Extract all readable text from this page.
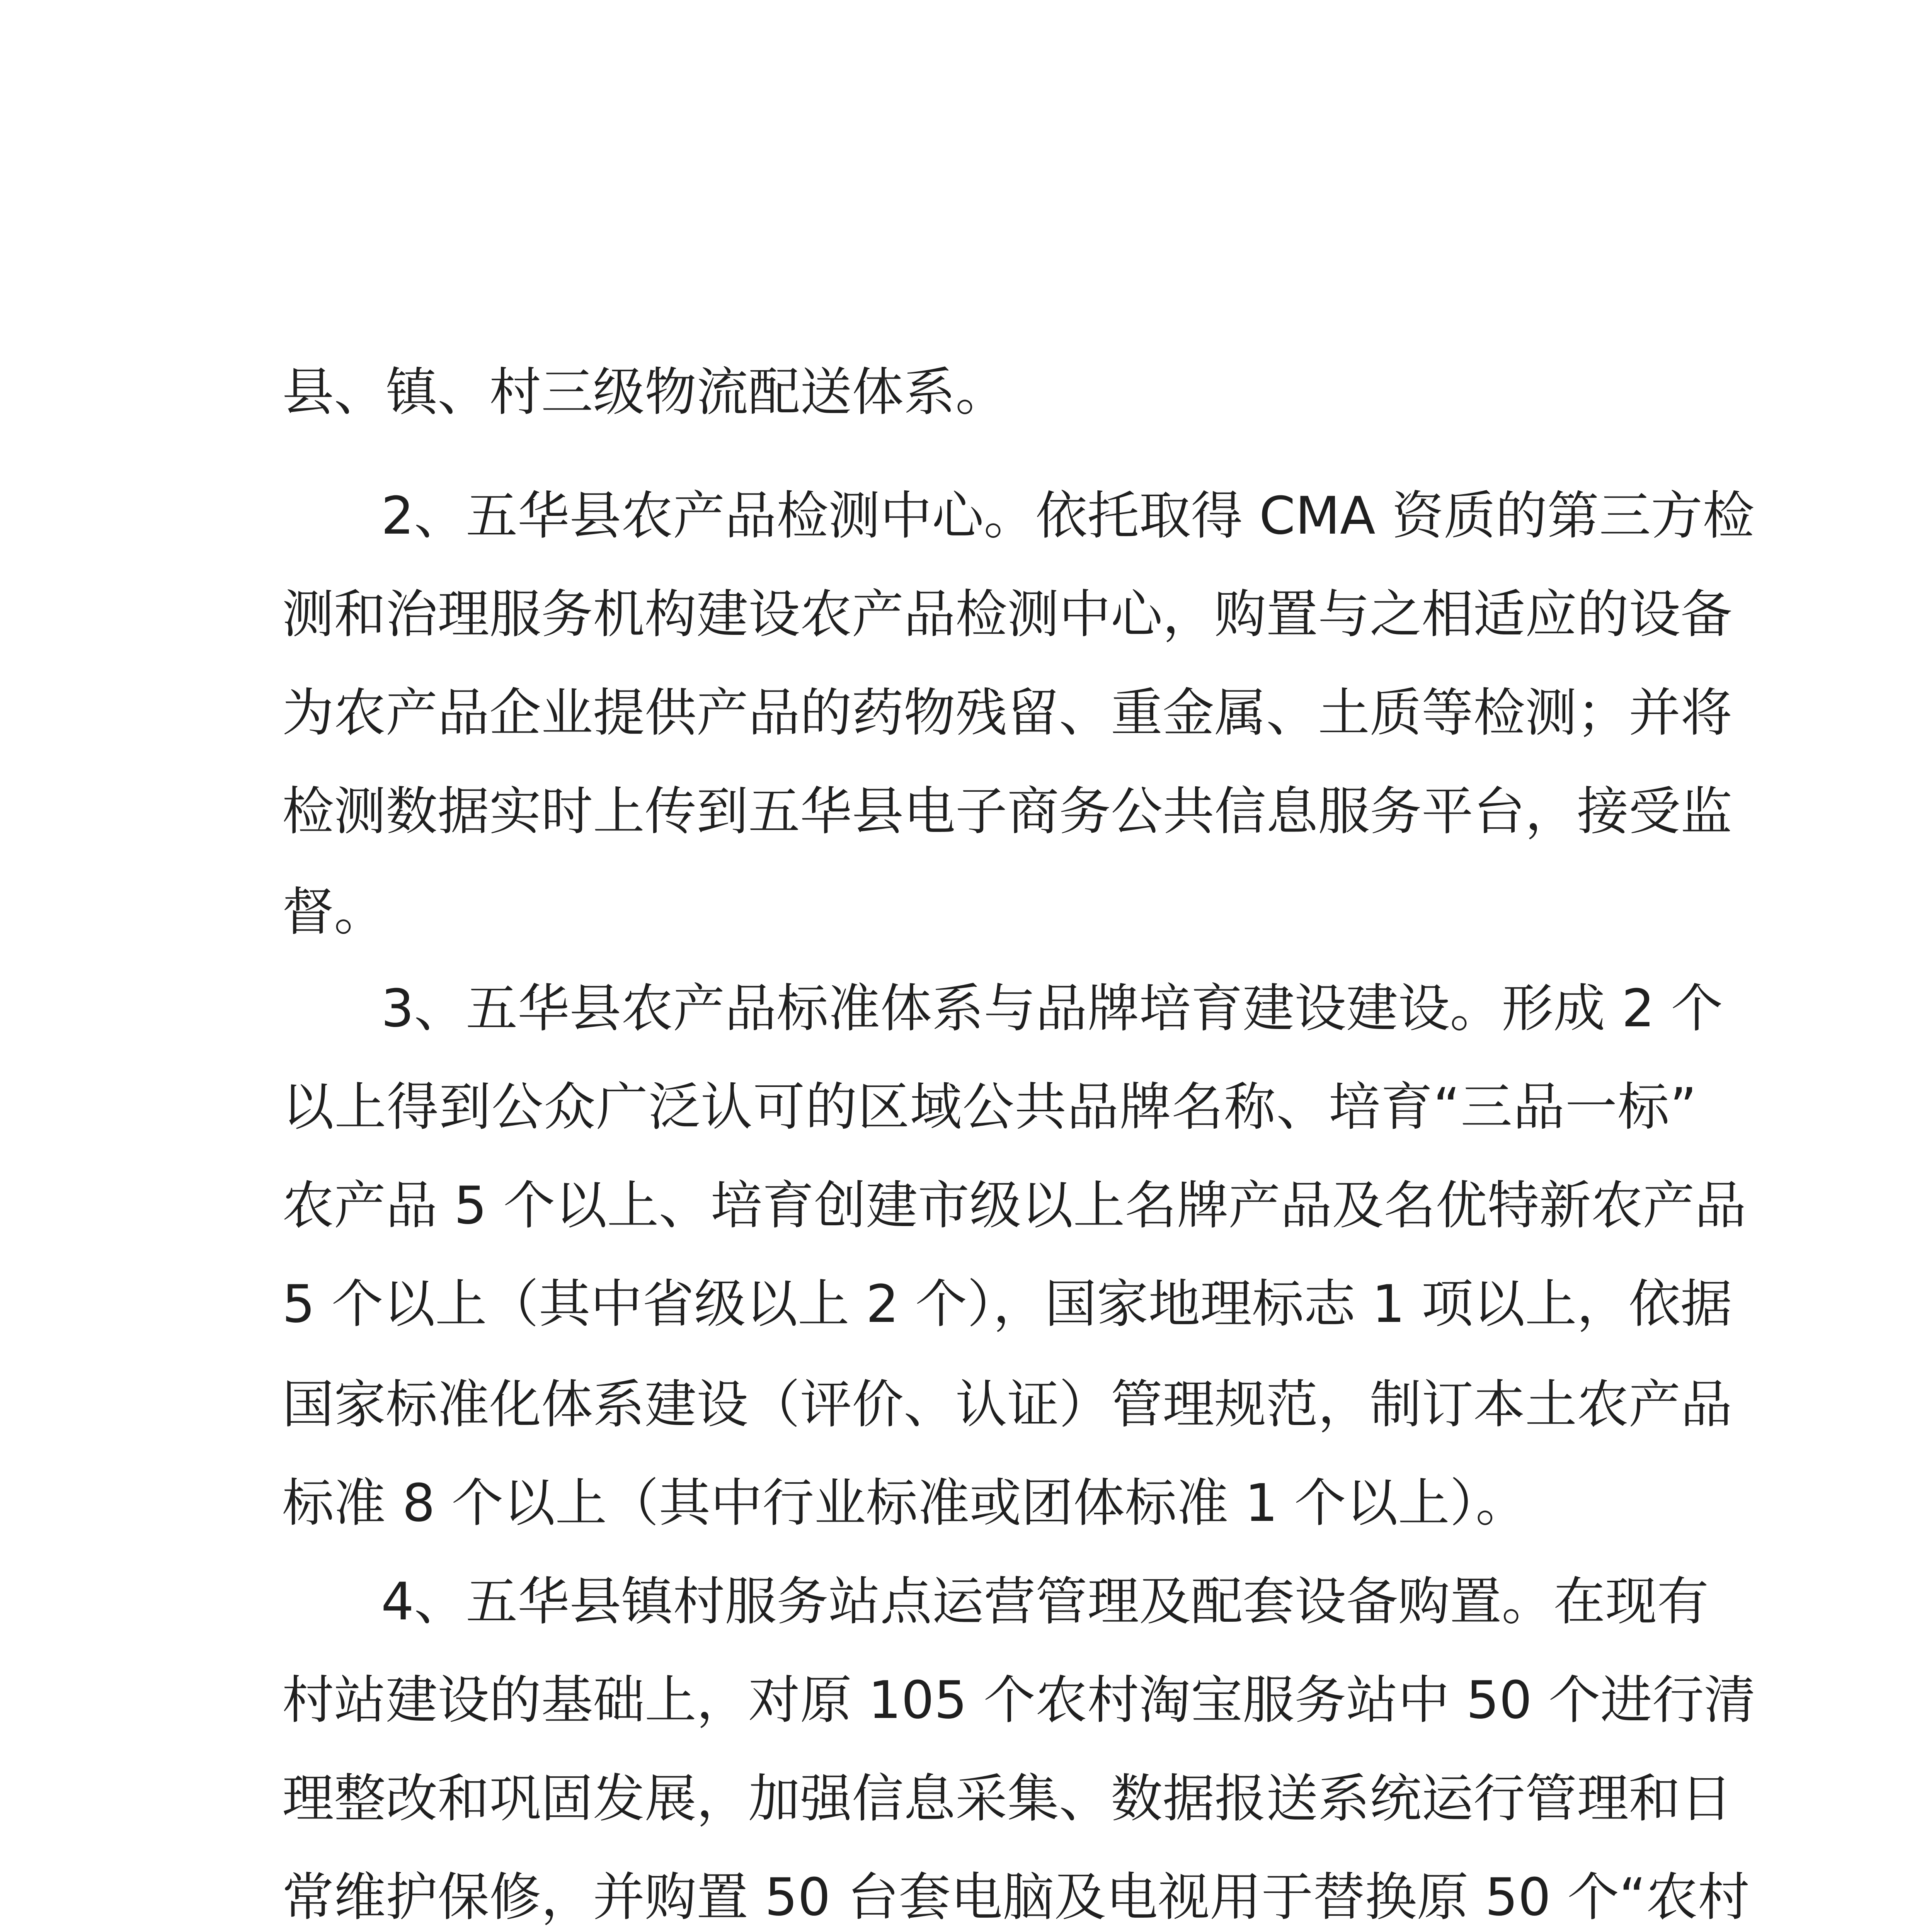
县、镇、村三级物流配送体系。

2、五华县农产品检测中心。依托取得 CMA 资质的第三方检

测和治理服务机构建设农产品检测中心，购置与之相适应的设备

为农产品企业提供产品的药物残留、重金属、土质等检测；并将

检测数据实时上传到五华县电子商务公共信息服务平台，接受监

督。

3、五华县农产品标准体系与品牌培育建设建设。形成 2 个

以上得到公众广泛认可的区域公共品牌名称、培育“三品一标”

农产品 5 个以上、培育创建市级以上名牌产品及名优特新农产品

5 个以上（其中省级以上 2 个），国家地理标志 1 项以上，依据

国家标准化体系建设（评价、认证）管理规范，制订本土农产品

标准 8 个以上（其中行业标准或团体标准 1 个以上）。

4、五华县镇村服务站点运营管理及配套设备购置。在现有

村站建设的基础上，对原 105 个农村淘宝服务站中 50 个进行清

理整改和巩固发展，加强信息采集、数据报送系统运行管理和日

常维护保修，并购置 50 台套电脑及电视用于替换原 50 个“农村
